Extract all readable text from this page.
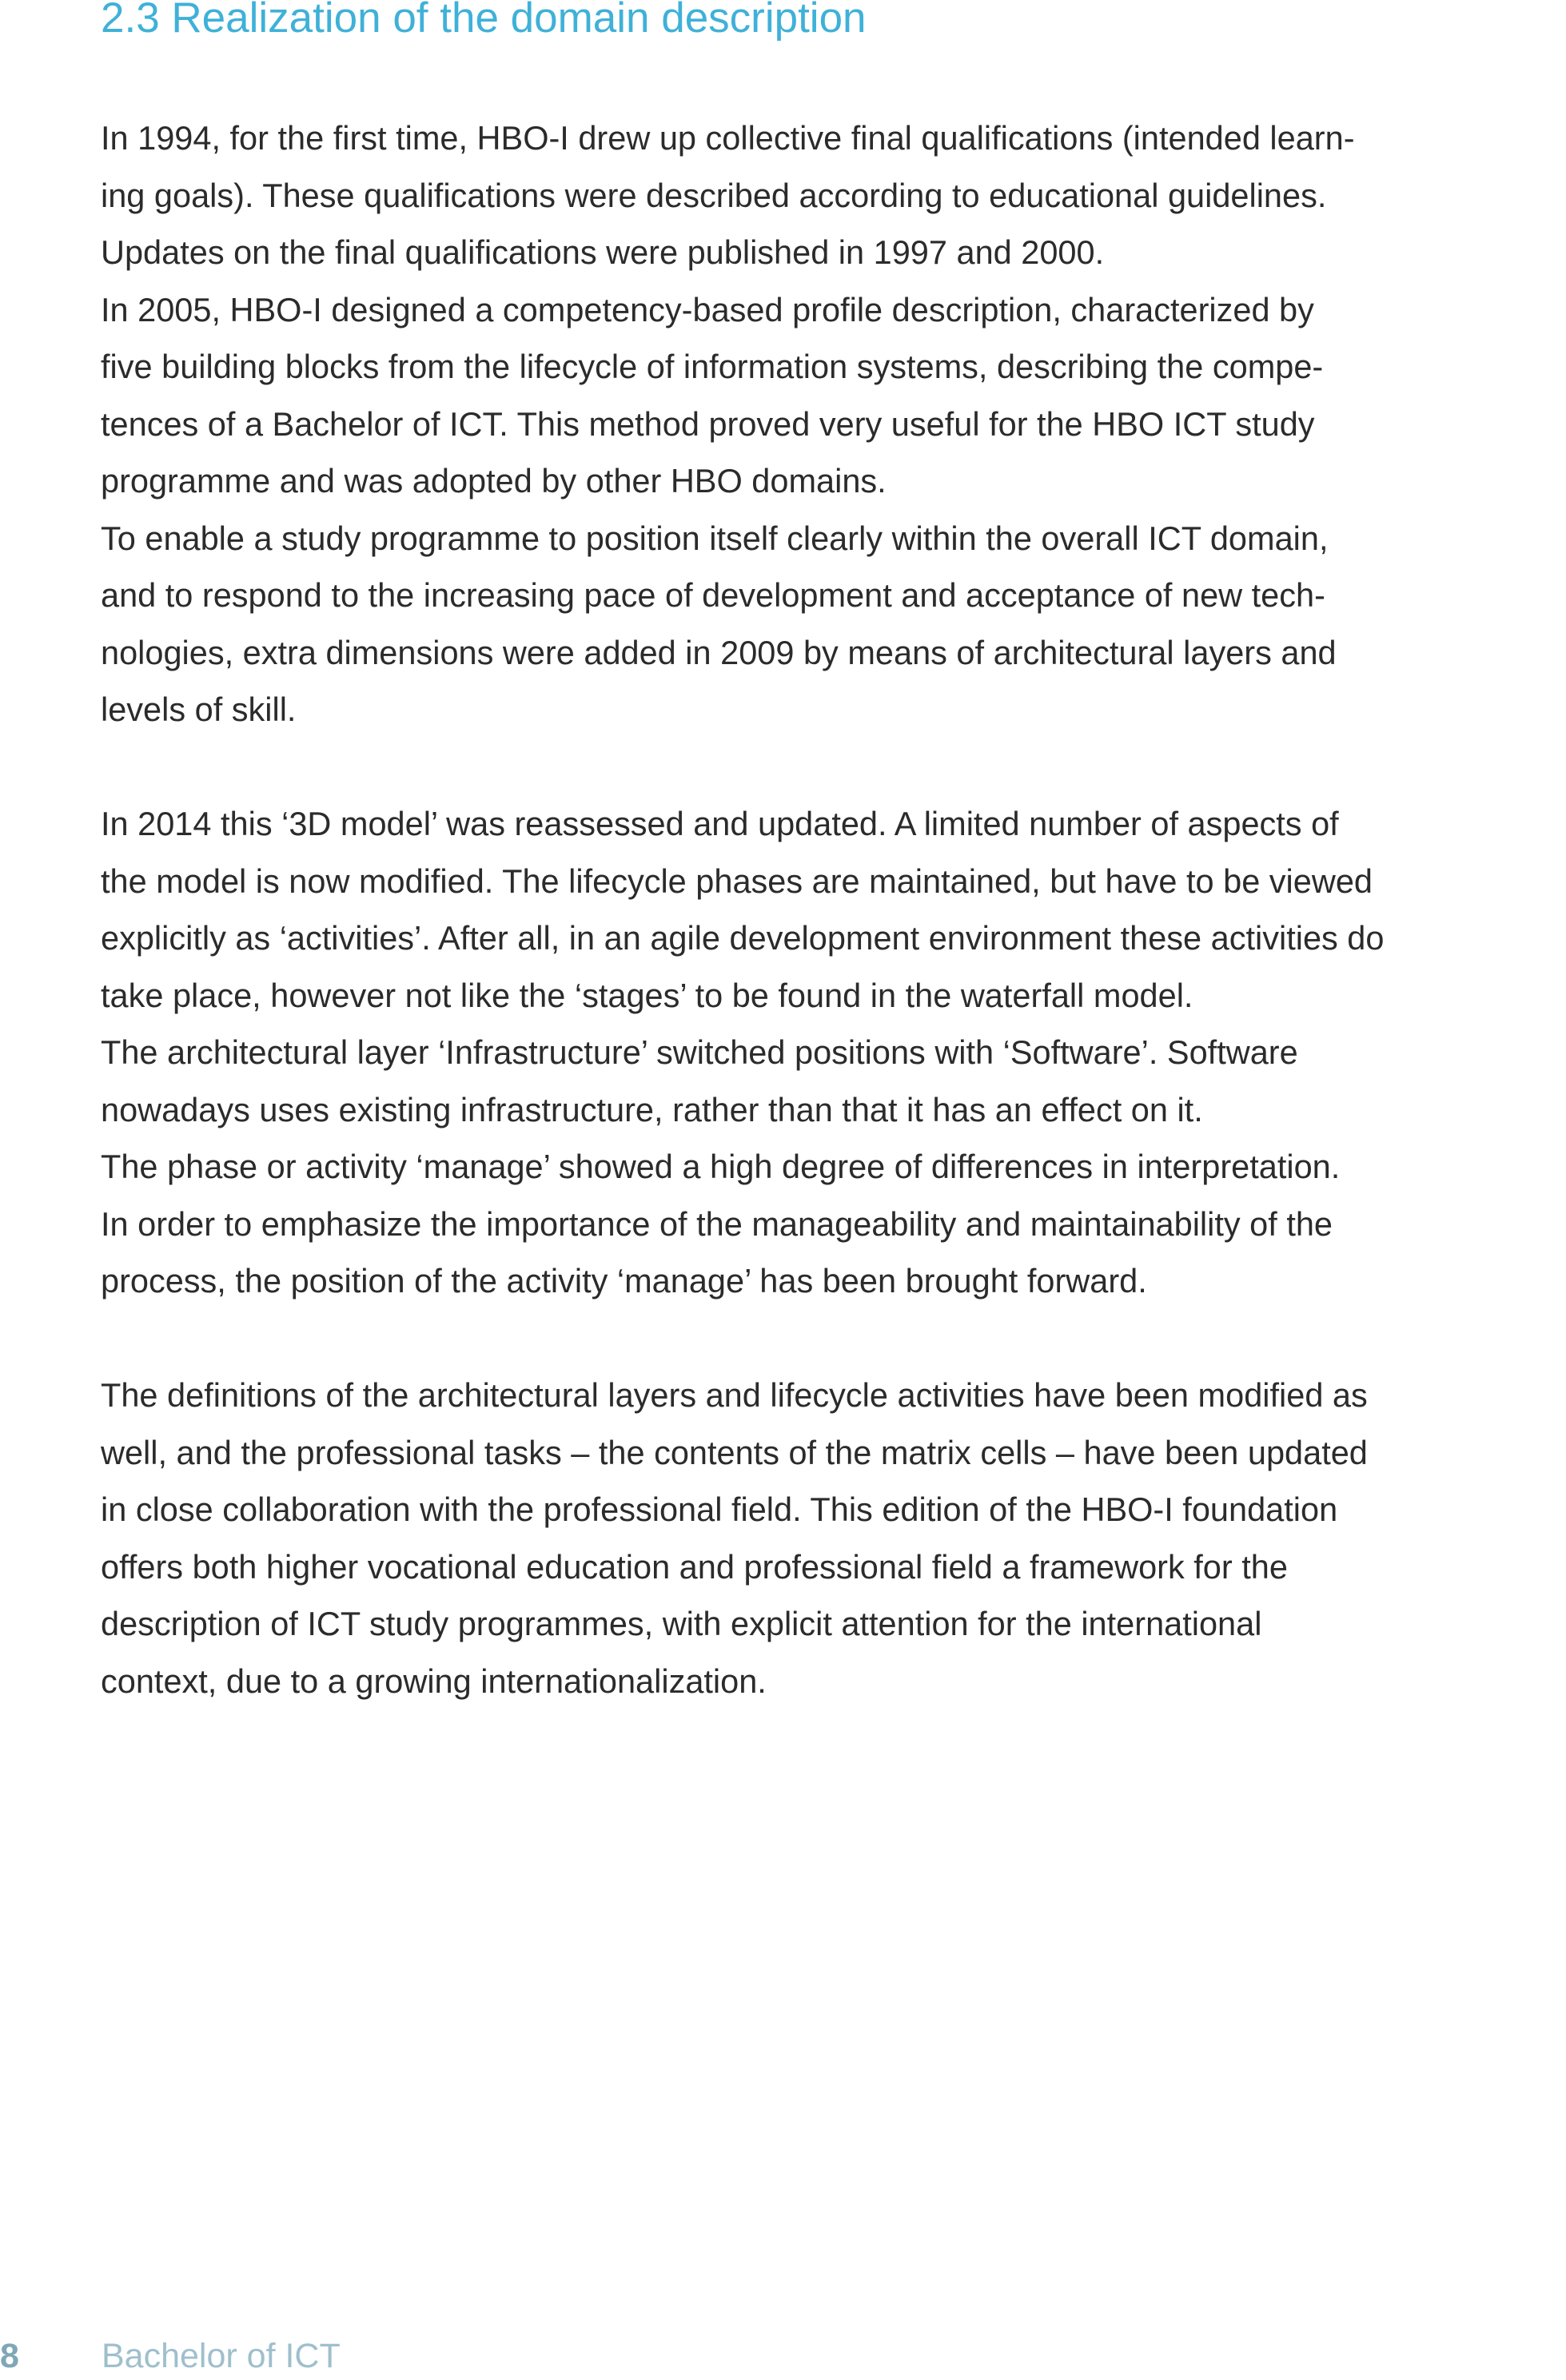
2.3 Realization of the domain description

In 1994, for the first time, HBO-I drew up collective final qualifications (intended learn-
ing goals). These qualifications were described according to educational guidelines.
Updates on the final qualifications were published in 1997 and 2000.
In 2005, HBO-I designed a competency-based profile description, characterized by
five building blocks from the lifecycle of information systems, describing the compe-
tences of a Bachelor of ICT. This method proved very useful for the HBO ICT study
programme and was adopted by other HBO domains.
To enable a study programme to position itself clearly within the overall ICT domain,
and to respond to the increasing pace of development and acceptance of new tech-
nologies, extra dimensions were added in 2009 by means of architectural layers and
levels of skill.

In 2014 this ‘3D model’ was reassessed and updated. A limited number of aspects of
the model is now modified. The lifecycle phases are maintained, but have to be viewed
explicitly as ‘activities’. After all, in an agile development environment these activities do
take place, however not like the ‘stages’ to be found in the waterfall model.
The architectural layer ‘Infrastructure’ switched positions with ‘Software’. Software
nowadays uses existing infrastructure, rather than that it has an effect on it.
The phase or activity ‘manage’ showed a high degree of differences in interpretation.
In order to emphasize the importance of the manageability and maintainability of the
process, the position of the activity ‘manage’ has been brought forward.

The definitions of the architectural layers and lifecycle activities have been modified as
well, and the professional tasks – the contents of the matrix cells – have been updated
in close collaboration with the professional field. This edition of the HBO-I foundation
offers both higher vocational education and professional field a framework for the
description of ICT study programmes, with explicit attention for the international
context, due to a growing internationalization.

8 Bachelor of ICT
